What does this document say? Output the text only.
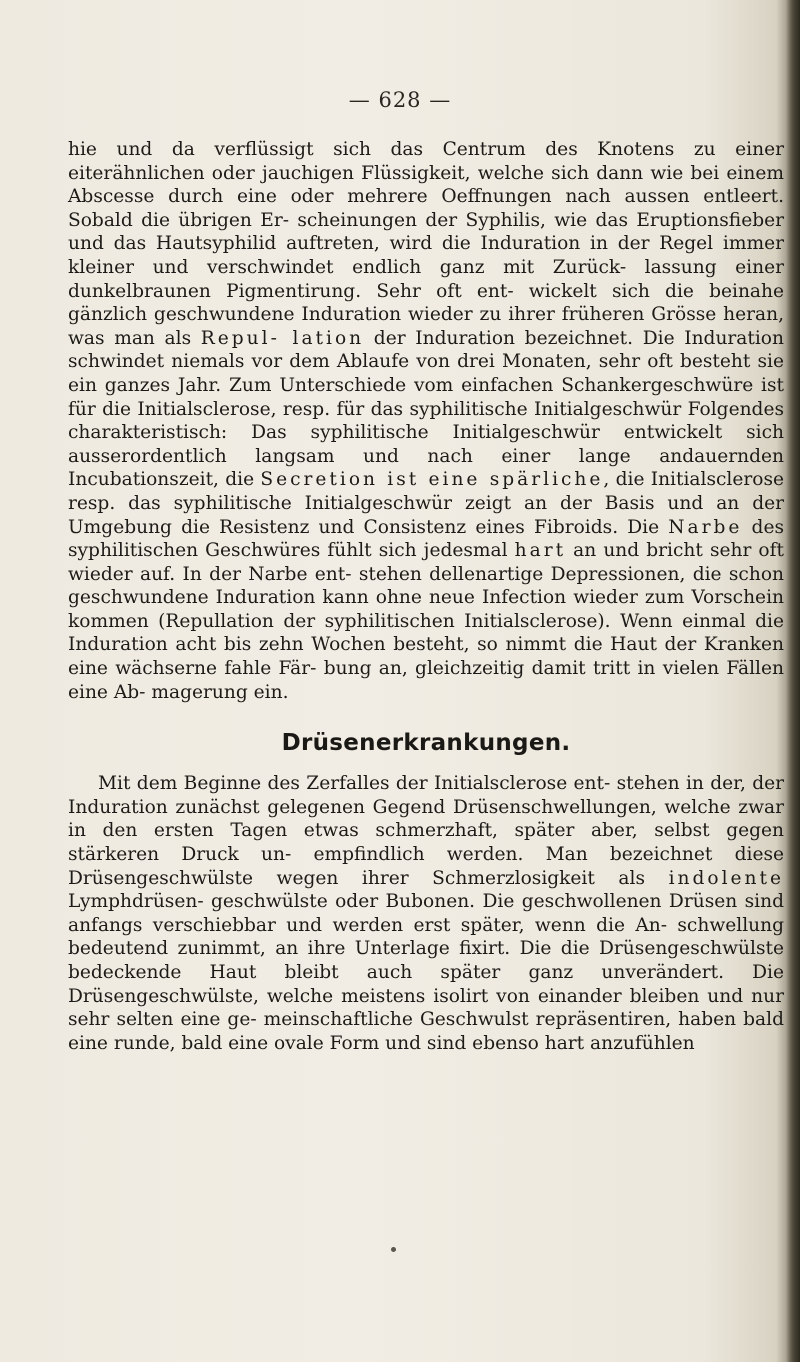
— 628 —

hie und da verflüssigt sich das Centrum des Knotens zu einer eiterähnlichen oder jauchigen Flüssigkeit, welche sich dann wie bei einem Abscesse durch eine oder mehrere Oeffnungen nach aussen entleert. Sobald die übrigen Er- scheinungen der Syphilis, wie das Eruptionsfieber und das Hautsyphilid auftreten, wird die Induration in der Regel immer kleiner und verschwindet endlich ganz mit Zurück- lassung einer dunkelbraunen Pigmentirung. Sehr oft ent- wickelt sich die beinahe gänzlich geschwundene Induration wieder zu ihrer früheren Grösse heran, was man als Repul- lation der Induration bezeichnet. Die Induration schwindet niemals vor dem Ablaufe von drei Monaten, sehr oft besteht sie ein ganzes Jahr. Zum Unterschiede vom einfachen Schankergeschwüre ist für die Initialsclerose, resp. für das syphilitische Initialgeschwür Folgendes charakteristisch: Das syphilitische Initialgeschwür entwickelt sich ausserordentlich langsam und nach einer lange andauernden Incubationszeit, die Secretion ist eine spärliche, die Initialsclerose resp. das syphilitische Initialgeschwür zeigt an der Basis und an der Umgebung die Resistenz und Consistenz eines Fibroids. Die Narbe des syphilitischen Geschwüres fühlt sich jedesmal hart an und bricht sehr oft wieder auf. In der Narbe ent- stehen dellenartige Depressionen, die schon geschwundene Induration kann ohne neue Infection wieder zum Vorschein kommen (Repullation der syphilitischen Initialsclerose). Wenn einmal die Induration acht bis zehn Wochen besteht, so nimmt die Haut der Kranken eine wächserne fahle Fär- bung an, gleichzeitig damit tritt in vielen Fällen eine Ab- magerung ein.

Drüsenerkrankungen.

Mit dem Beginne des Zerfalles der Initialsclerose ent- stehen in der, der Induration zunächst gelegenen Gegend Drüsenschwellungen, welche zwar in den ersten Tagen etwas schmerzhaft, später aber, selbst gegen stärkeren Druck un- empfindlich werden. Man bezeichnet diese Drüsengeschwülste wegen ihrer Schmerzlosigkeit als indolente Lymphdrüsen- geschwülste oder Bubonen. Die geschwollenen Drüsen sind anfangs verschiebbar und werden erst später, wenn die An- schwellung bedeutend zunimmt, an ihre Unterlage fixirt. Die die Drüsengeschwülste bedeckende Haut bleibt auch später ganz unverändert. Die Drüsengeschwülste, welche meistens isolirt von einander bleiben und nur sehr selten eine ge- meinschaftliche Geschwulst repräsentiren, haben bald eine runde, bald eine ovale Form und sind ebenso hart anzufühlen
